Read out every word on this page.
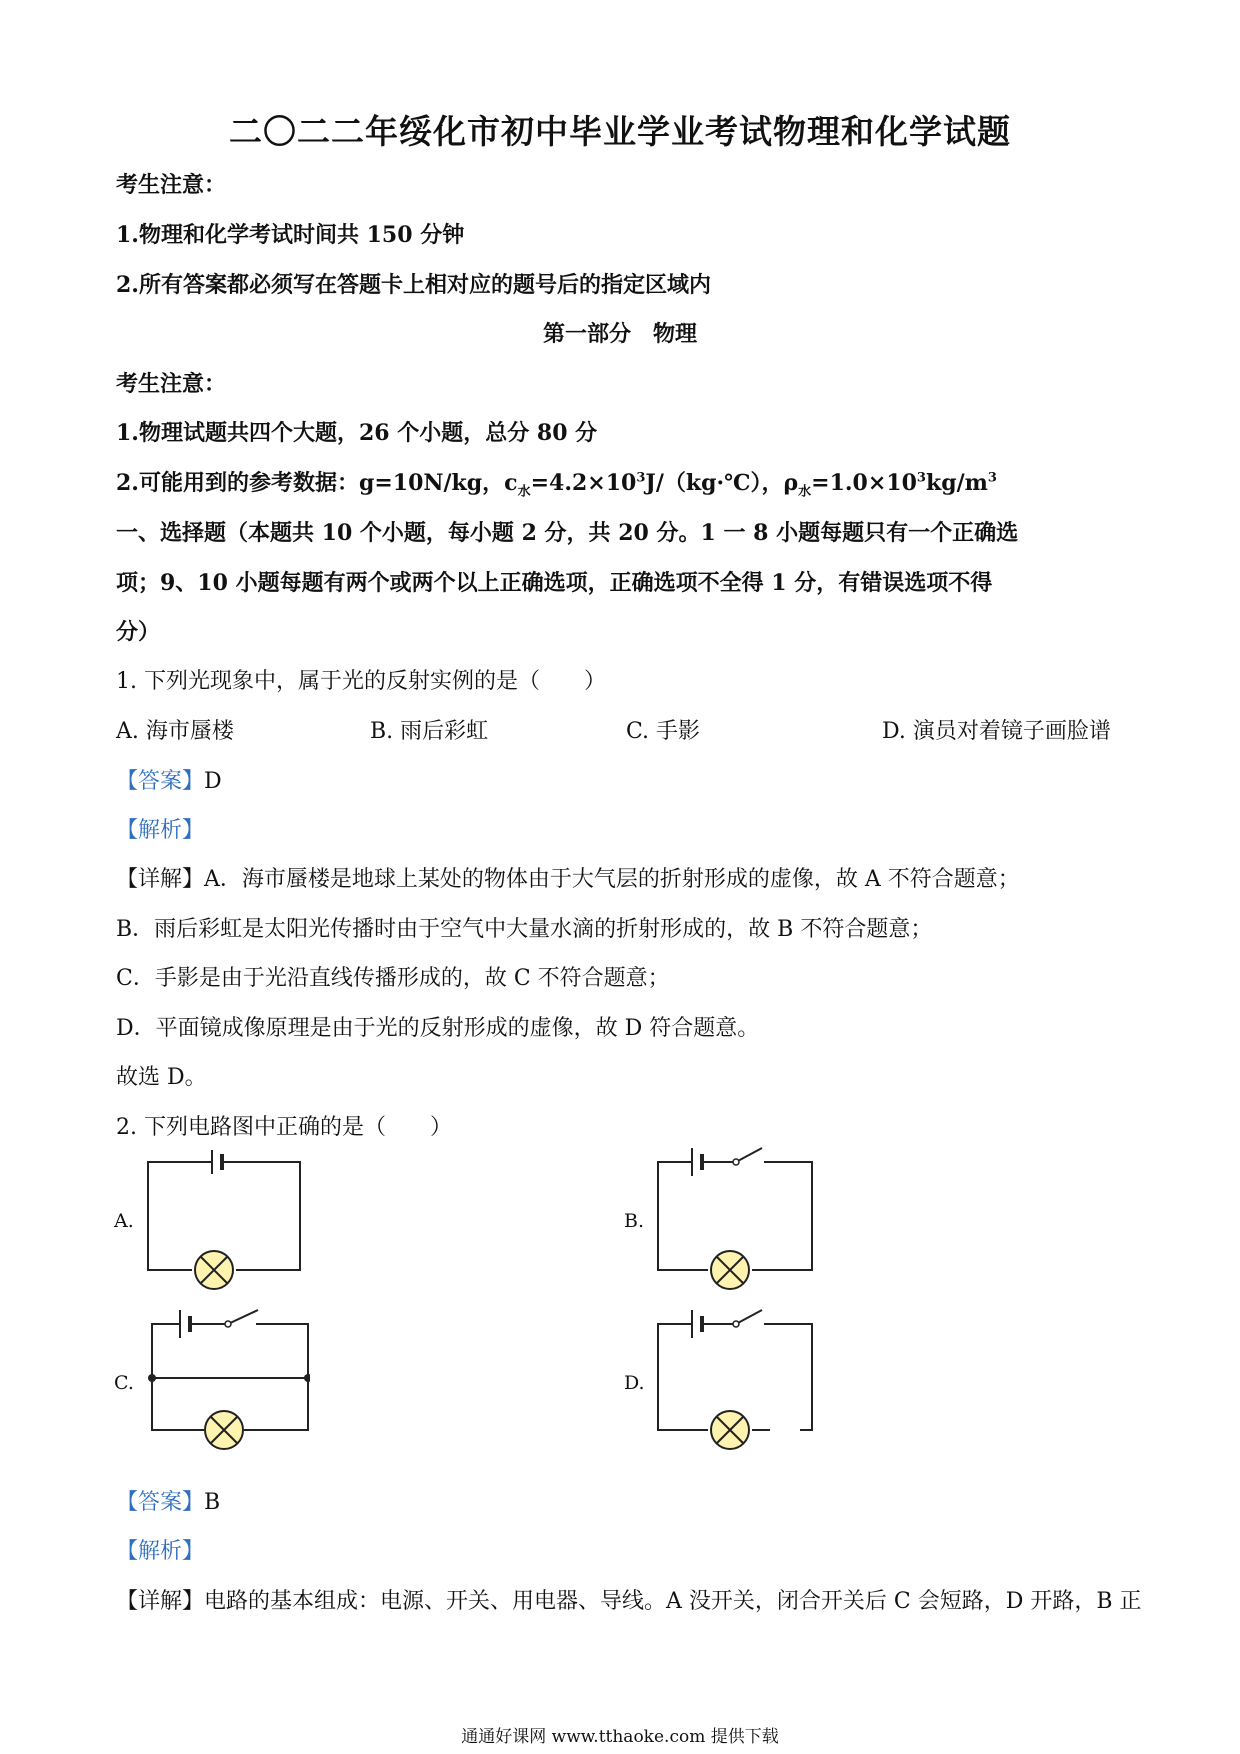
二〇二二年绥化市初中毕业学业考试物理和化学试题
考生注意：
1.物理和化学考试时间共 150 分钟
2.所有答案都必须写在答题卡上相对应的题号后的指定区域内
第一部分　物理
考生注意：
1.物理试题共四个大题，26 个小题，总分 80 分
2.可能用到的参考数据：g=10N/kg，$c_水=4.2\times 10^3J/(kg\cdot℃)$，$\rho_水=1.0\times 10^3kg/m^3$
一、选择题（本题共 10 个小题，每小题 2 分，共 20 分。1 一 8 小题每题只有一个正确选
项；9、10 小题每题有两个或两个以上正确选项，正确选项不全得 1 分，有错误选项不得
分）
1. 下列光现象中，属于光的反射实例的是（　　）
A. 海市蜃楼	B. 雨后彩虹	C. 手影	D. 演员对着镜子画脸谱
【答案】D
【解析】
【详解】A．海市蜃楼是地球上某处的物体由于大气层的折射形成的虚像，故 A 不符合题意；
B．雨后彩虹是太阳光传播时由于空气中大量水滴的折射形成的，故 B 不符合题意；
C．手影是由于光沿直线传播形成的，故 C 不符合题意；
D．平面镜成像原理是由于光的反射形成的虚像，故 D 符合题意。
故选 D。
2. 下列电路图中正确的是（　　）
A.	B.
C.	D.
【答案】B
【解析】
【详解】电路的基本组成：电源、开关、用电器、导线。A 没开关，闭合开关后 C 会短路，D 开路，B 正
通通好课网 www.tthaoke.com 提供下载
